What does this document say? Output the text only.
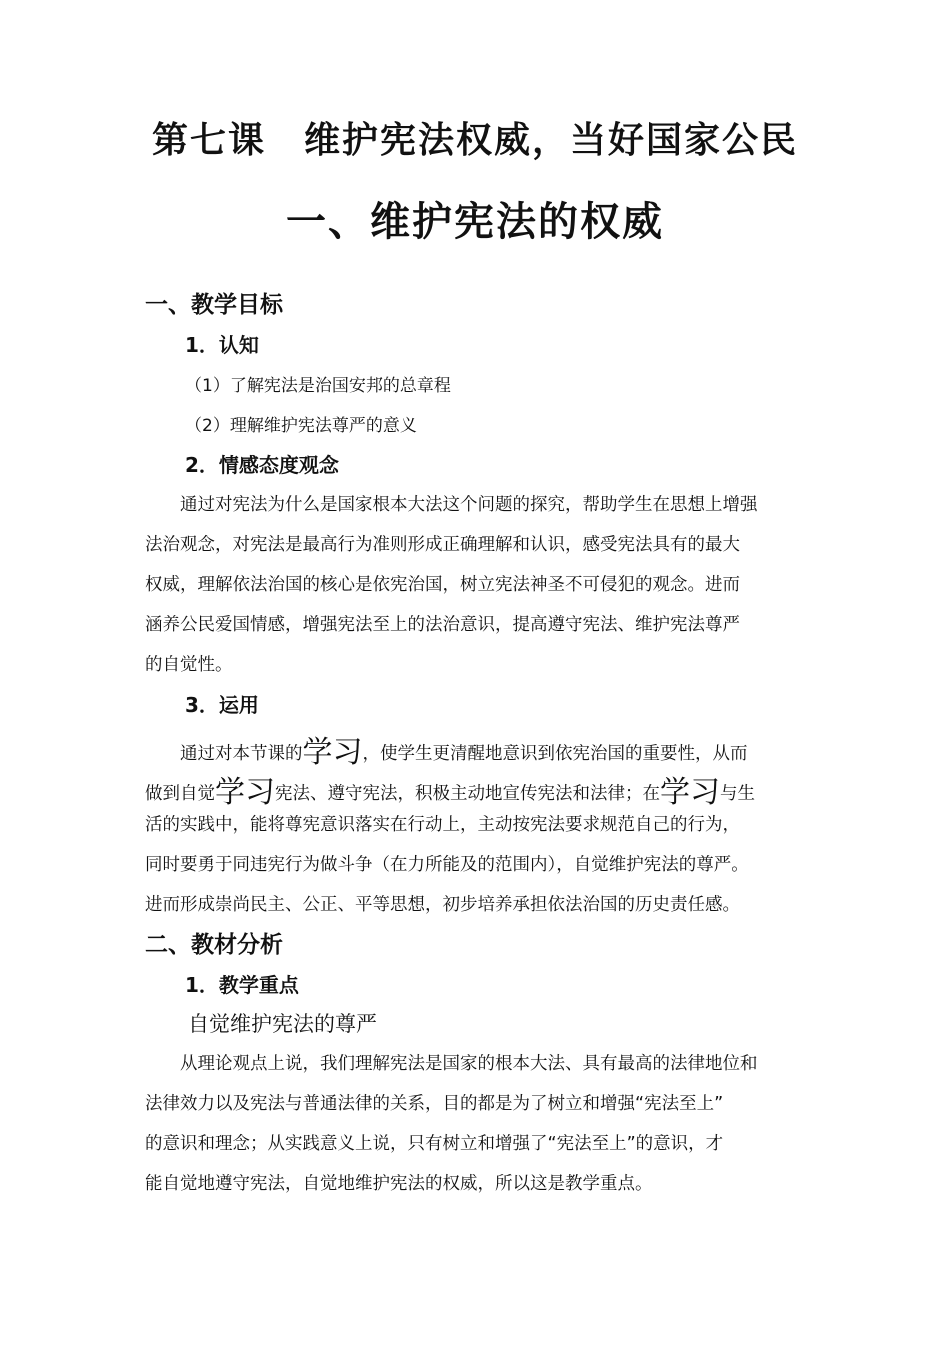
第七课　维护宪法权威，当好国家公民
一、维护宪法的权威
一、教学目标
1．认知
（1）了解宪法是治国安邦的总章程
（2）理解维护宪法尊严的意义
2．情感态度观念
通过对宪法为什么是国家根本大法这个问题的探究，帮助学生在思想上增强
法治观念，对宪法是最高行为准则形成正确理解和认识，感受宪法具有的最大
权威，理解依法治国的核心是依宪治国，树立宪法神圣不可侵犯的观念。进而
涵养公民爱国情感，增强宪法至上的法治意识，提高遵守宪法、维护宪法尊严
的自觉性。
3．运用
通过对本节课的学习，使学生更清醒地意识到依宪治国的重要性，从而
做到自觉学习宪法、遵守宪法，积极主动地宣传宪法和法律；在学习与生
活的实践中，能将尊宪意识落实在行动上，主动按宪法要求规范自己的行为，
同时要勇于同违宪行为做斗争（在力所能及的范围内），自觉维护宪法的尊严。
进而形成崇尚民主、公正、平等思想，初步培养承担依法治国的历史责任感。
二、教材分析
1．教学重点
自觉维护宪法的尊严
从理论观点上说，我们理解宪法是国家的根本大法、具有最高的法律地位和
法律效力以及宪法与普通法律的关系，目的都是为了树立和增强“宪法至上”
的意识和理念；从实践意义上说，只有树立和增强了“宪法至上”的意识，才
能自觉地遵守宪法，自觉地维护宪法的权威，所以这是教学重点。
